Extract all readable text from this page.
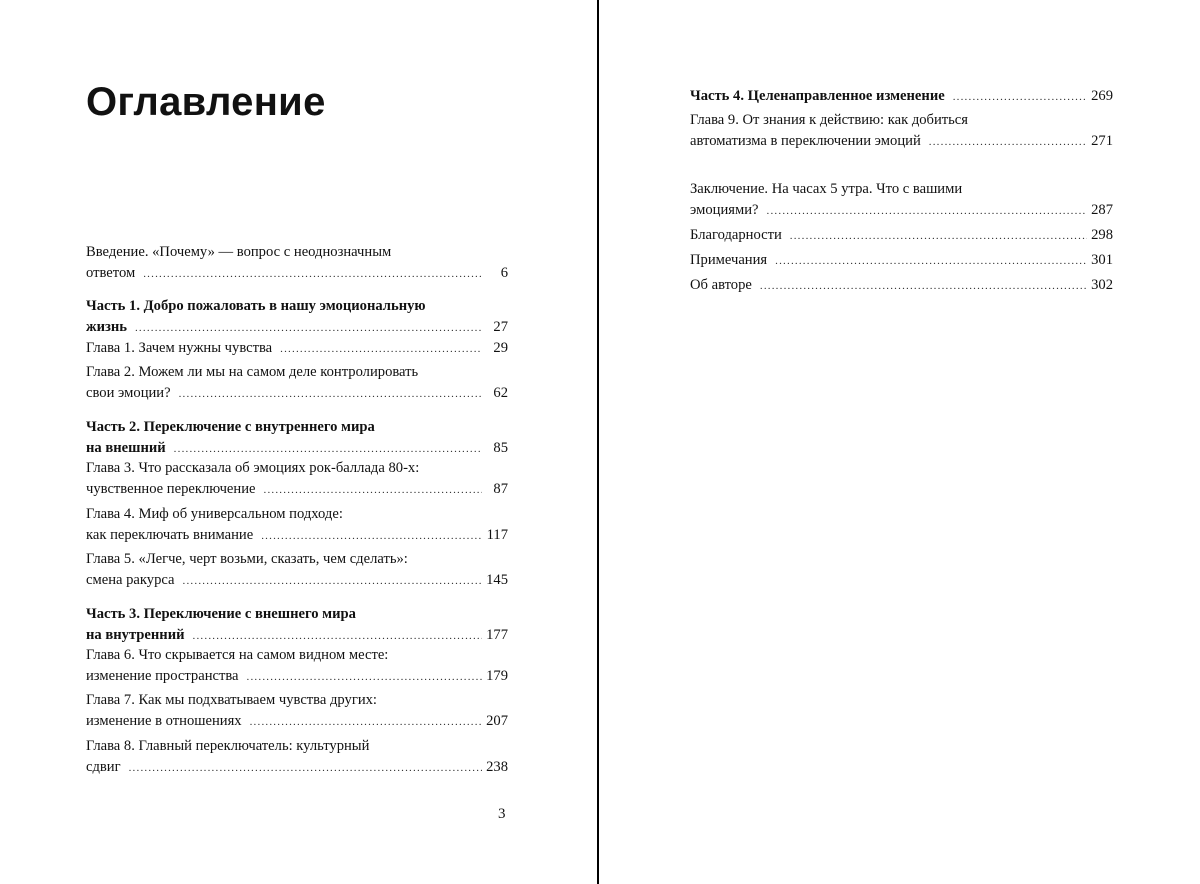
Оглавление
Введение. «Почему» — вопрос с неоднозначным
ответом .....	6
Часть 1. Добро пожаловать в нашу эмоциональную
жизнь .....	27
Глава 1. Зачем нужны чувства .....	29
Глава 2. Можем ли мы на самом деле контролировать
свои эмоции? .....	62
Часть 2. Переключение с внутреннего мира
на внешний .....	85
Глава 3. Что рассказала об эмоциях рок-баллада 80-х:
чувственное переключение .....	87
Глава 4. Миф об универсальном подходе:
как переключать внимание .....	117
Глава 5. «Легче, черт возьми, сказать, чем сделать»:
смена ракурса .....	145
Часть 3. Переключение с внешнего мира
на внутренний .....	177
Глава 6. Что скрывается на самом видном месте:
изменение пространства .....	179
Глава 7. Как мы подхватываем чувства других:
изменение в отношениях .....	207
Глава 8. Главный переключатель: культурный
сдвиг .....	238
3
Часть 4. Целенаправленное изменение .....	269
Глава 9. От знания к действию: как добиться
автоматизма в переключении эмоций .....	271
Заключение. На часах 5 утра. Что с вашими
эмоциями? .....	287
Благодарности .....	298
Примечания .....	301
Об авторе .....	302
